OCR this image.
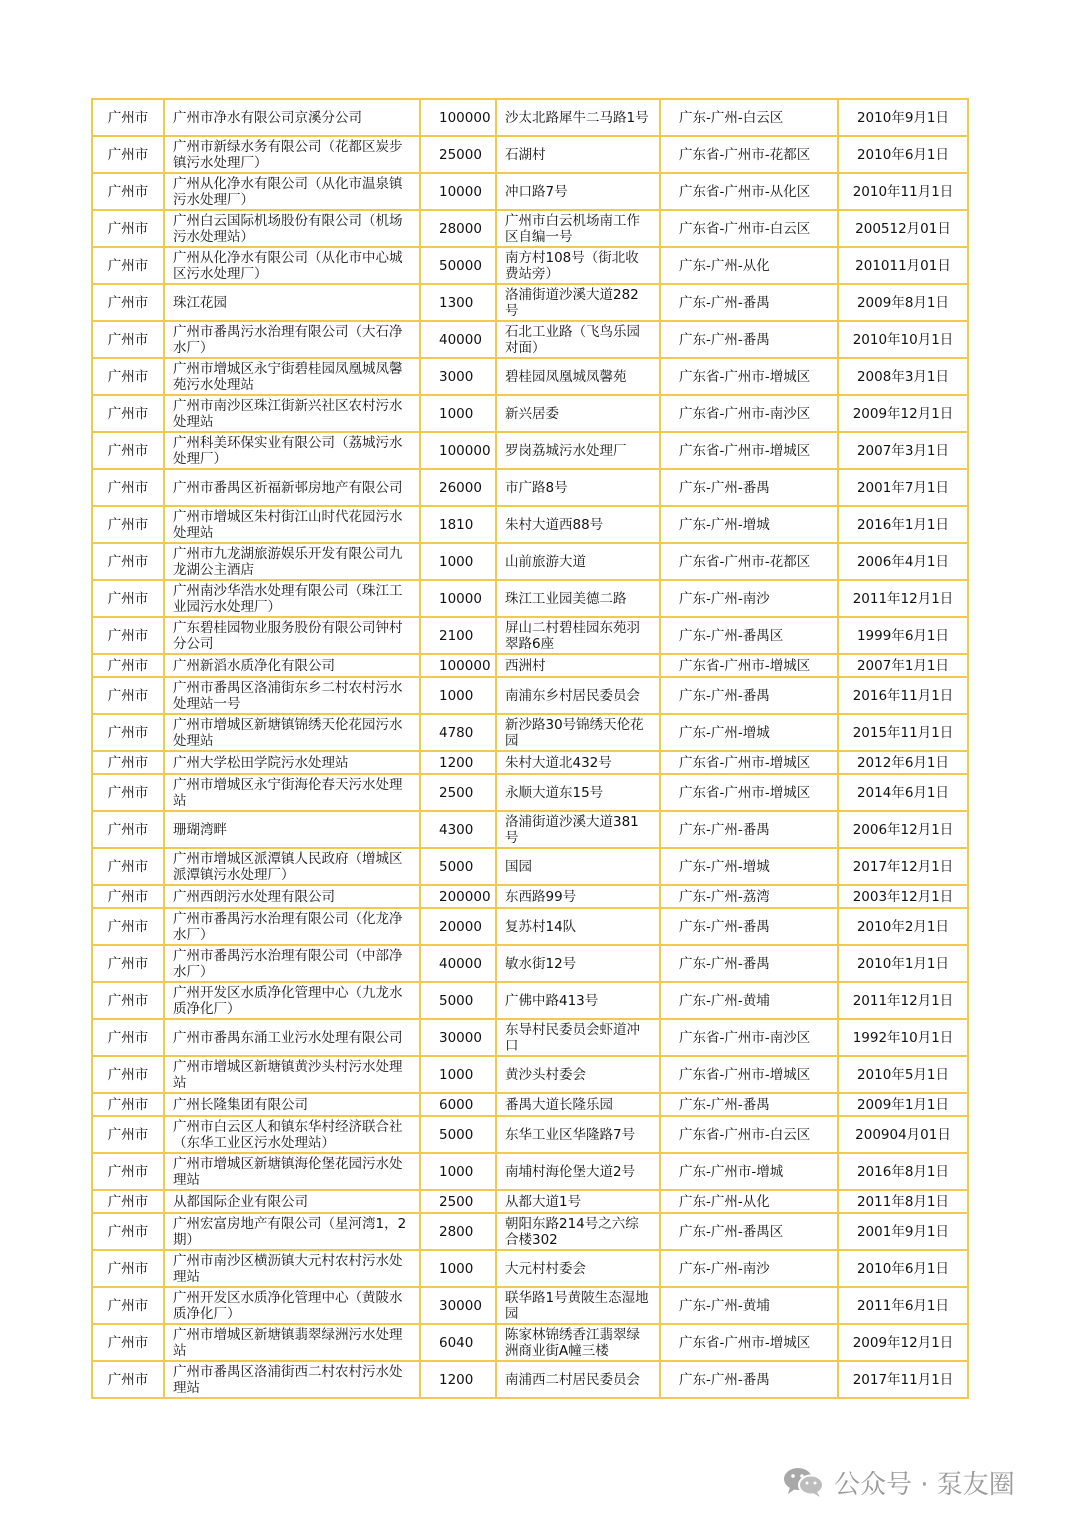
广州市	广州市净水有限公司京溪分公司	100000	沙太北路犀牛二马路1号	广东-广州-白云区	2010年9月1日
广州市	广州市新绿水务有限公司（花都区炭步镇污水处理厂）	25000	石湖村	广东省-广州市-花都区	2010年6月1日
广州市	广州从化净水有限公司（从化市温泉镇污水处理厂）	10000	冲口路7号	广东省-广州市-从化区	2010年11月1日
广州市	广州白云国际机场股份有限公司（机场污水处理站）	28000	广州市白云机场南工作区自编一号	广东省-广州市-白云区	200512月01日
广州市	广州从化净水有限公司（从化市中心城区污水处理厂）	50000	南方村108号（街北收费站旁）	广东-广州-从化	201011月01日
广州市	珠江花园	1300	洛浦街道沙溪大道282号	广东-广州-番禺	2009年8月1日
广州市	广州市番禺污水治理有限公司（大石净水厂）	40000	石北工业路（飞鸟乐园对面）	广东-广州-番禺	2010年10月1日
广州市	广州市增城区永宁街碧桂园凤凰城凤馨苑污水处理站	3000	碧桂园凤凰城凤馨苑	广东省-广州市-增城区	2008年3月1日
广州市	广州市南沙区珠江街新兴社区农村污水处理站	1000	新兴居委	广东省-广州市-南沙区	2009年12月1日
广州市	广州科美环保实业有限公司（荔城污水处理厂）	100000	罗岗荔城污水处理厂	广东省-广州市-增城区	2007年3月1日
广州市	广州市番禺区祈福新邨房地产有限公司	26000	市广路8号	广东-广州-番禺	2001年7月1日
广州市	广州市增城区朱村街江山时代花园污水处理站	1810	朱村大道西88号	广东-广州-增城	2016年1月1日
广州市	广州市九龙湖旅游娱乐开发有限公司九龙湖公主酒店	1000	山前旅游大道	广东省-广州市-花都区	2006年4月1日
广州市	广州南沙华浩水处理有限公司（珠江工业园污水处理厂）	10000	珠江工业园美德二路	广东-广州-南沙	2011年12月1日
广州市	广东碧桂园物业服务股份有限公司钟村分公司	2100	屏山二村碧桂园东苑羽翠路6座	广东-广州-番禺区	1999年6月1日
广州市	广州新滔水质净化有限公司	100000	西洲村	广东省-广州市-增城区	2007年1月1日
广州市	广州市番禺区洛浦街东乡二村农村污水处理站一号	1000	南浦东乡村居民委员会	广东-广州-番禺	2016年11月1日
广州市	广州市增城区新塘镇锦绣天伦花园污水处理站	4780	新沙路30号锦绣天伦花园	广东-广州-增城	2015年11月1日
广州市	广州大学松田学院污水处理站	1200	朱村大道北432号	广东省-广州市-增城区	2012年6月1日
广州市	广州市增城区永宁街海伦春天污水处理站	2500	永顺大道东15号	广东省-广州市-增城区	2014年6月1日
广州市	珊瑚湾畔	4300	洛浦街道沙溪大道381号	广东-广州-番禺	2006年12月1日
广州市	广州市增城区派潭镇人民政府（增城区派潭镇污水处理厂）	5000	国园	广东-广州-增城	2017年12月1日
广州市	广州西朗污水处理有限公司	200000	东西路99号	广东-广州-荔湾	2003年12月1日
广州市	广州市番禺污水治理有限公司（化龙净水厂）	20000	复苏村14队	广东-广州-番禺	2010年2月1日
广州市	广州市番禺污水治理有限公司（中部净水厂）	40000	敏水街12号	广东-广州-番禺	2010年1月1日
广州市	广州开发区水质净化管理中心（九龙水质净化厂）	5000	广佛中路413号	广东-广州-黄埔	2011年12月1日
广州市	广州市番禺东涌工业污水处理有限公司	30000	东导村民委员会虾道冲口	广东省-广州市-南沙区	1992年10月1日
广州市	广州市增城区新塘镇黄沙头村污水处理站	1000	黄沙头村委会	广东省-广州市-增城区	2010年5月1日
广州市	广州长隆集团有限公司	6000	番禺大道长隆乐园	广东-广州-番禺	2009年1月1日
广州市	广州市白云区人和镇东华村经济联合社（东华工业区污水处理站）	5000	东华工业区华隆路7号	广东省-广州市-白云区	200904月01日
广州市	广州市增城区新塘镇海伦堡花园污水处理站	1000	南埔村海伦堡大道2号	广东-广州市-增城	2016年8月1日
广州市	从都国际企业有限公司	2500	从都大道1号	广东-广州-从化	2011年8月1日
广州市	广州宏富房地产有限公司（星河湾1，2期）	2800	朝阳东路214号之六综合楼302	广东-广州-番禺区	2001年9月1日
广州市	广州市南沙区横沥镇大元村农村污水处理站	1000	大元村村委会	广东-广州-南沙	2010年6月1日
广州市	广州开发区水质净化管理中心（黄陂水质净化厂）	30000	联华路1号黄陂生态湿地园	广东-广州-黄埔	2011年6月1日
广州市	广州市增城区新塘镇翡翠绿洲污水处理站	6040	陈家林锦绣香江翡翠绿洲商业街A幢三楼	广东省-广州市-增城区	2009年12月1日
广州市	广州市番禺区洛浦街西二村农村污水处理站	1200	南浦西二村居民委员会	广东-广州-番禺	2017年11月1日
公众号 · 泵友圈
